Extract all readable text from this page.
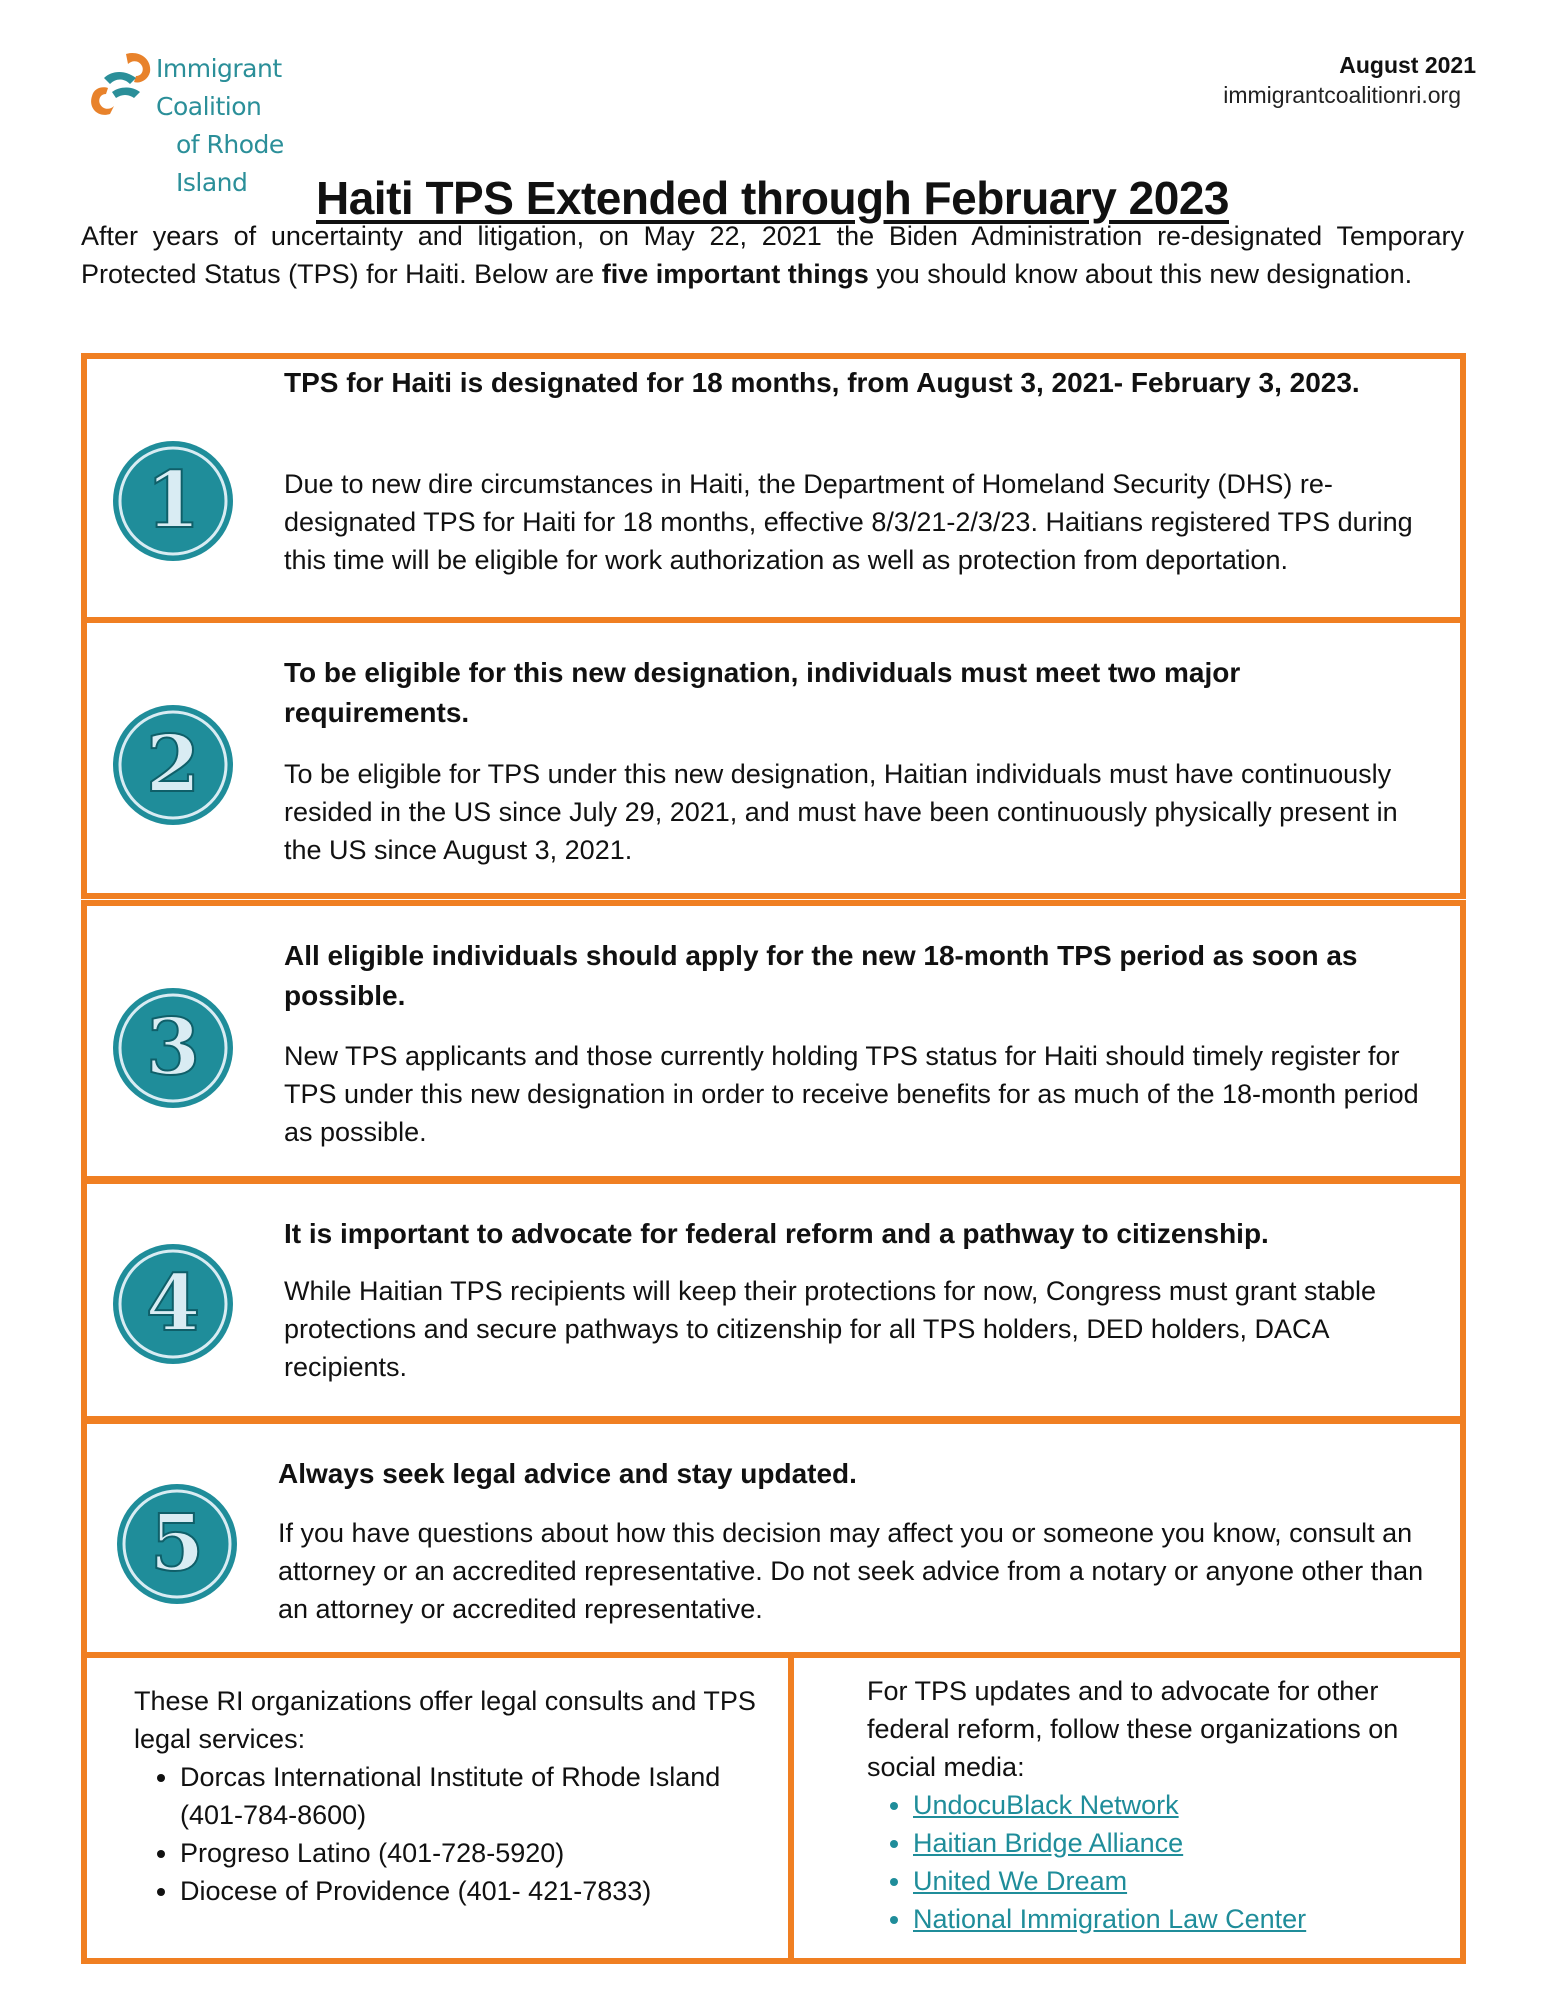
Immigrant Coalition
of Rhode Island
August 2021
immigrantcoalitionri.org
Haiti TPS Extended through February 2023

After years of uncertainty and litigation, on May 22, 2021 the Biden Administration re-designated Temporary Protected Status (TPS) for Haiti. Below are five important things you should know about this new designation.

1

TPS for Haiti is designated for 18 months, from August 3, 2021- February 3, 2023.

Due to new dire circumstances in Haiti, the Department of Homeland Security (DHS) re-designated TPS for Haiti for 18 months, effective 8/3/21-2/3/23. Haitians registered TPS during this time will be eligible for work authorization as well as protection from deportation.

2

To be eligible for this new designation, individuals must meet two major requirements.

To be eligible for TPS under this new designation, Haitian individuals must have continuously resided in the US since July 29, 2021, and must have been continuously physically present in the US since August 3, 2021.

3

All eligible individuals should apply for the new 18-month TPS period as soon as possible.

New TPS applicants and those currently holding TPS status for Haiti should timely register for TPS under this new designation in order to receive benefits for as much of the 18-month period as possible.

4

It is important to advocate for federal reform and a pathway to citizenship.

While Haitian TPS recipients will keep their protections for now, Congress must grant stable protections and secure pathways to citizenship for all TPS holders, DED holders, DACA recipients.

5

Always seek legal advice and stay updated.

If you have questions about how this decision may affect you or someone you know, consult an attorney or an accredited representative. Do not seek advice from a notary or anyone other than an attorney or accredited representative.

These RI organizations offer legal consults and TPS legal services:

• Dorcas International Institute of Rhode Island (401-784-8600)
• Progreso Latino (401-728-5920)
• Diocese of Providence (401- 421-7833)

For TPS updates and to advocate for other federal reform, follow these organizations on social media:

• UndocuBlack Network
• Haitian Bridge Alliance
• United We Dream
• National Immigration Law Center
